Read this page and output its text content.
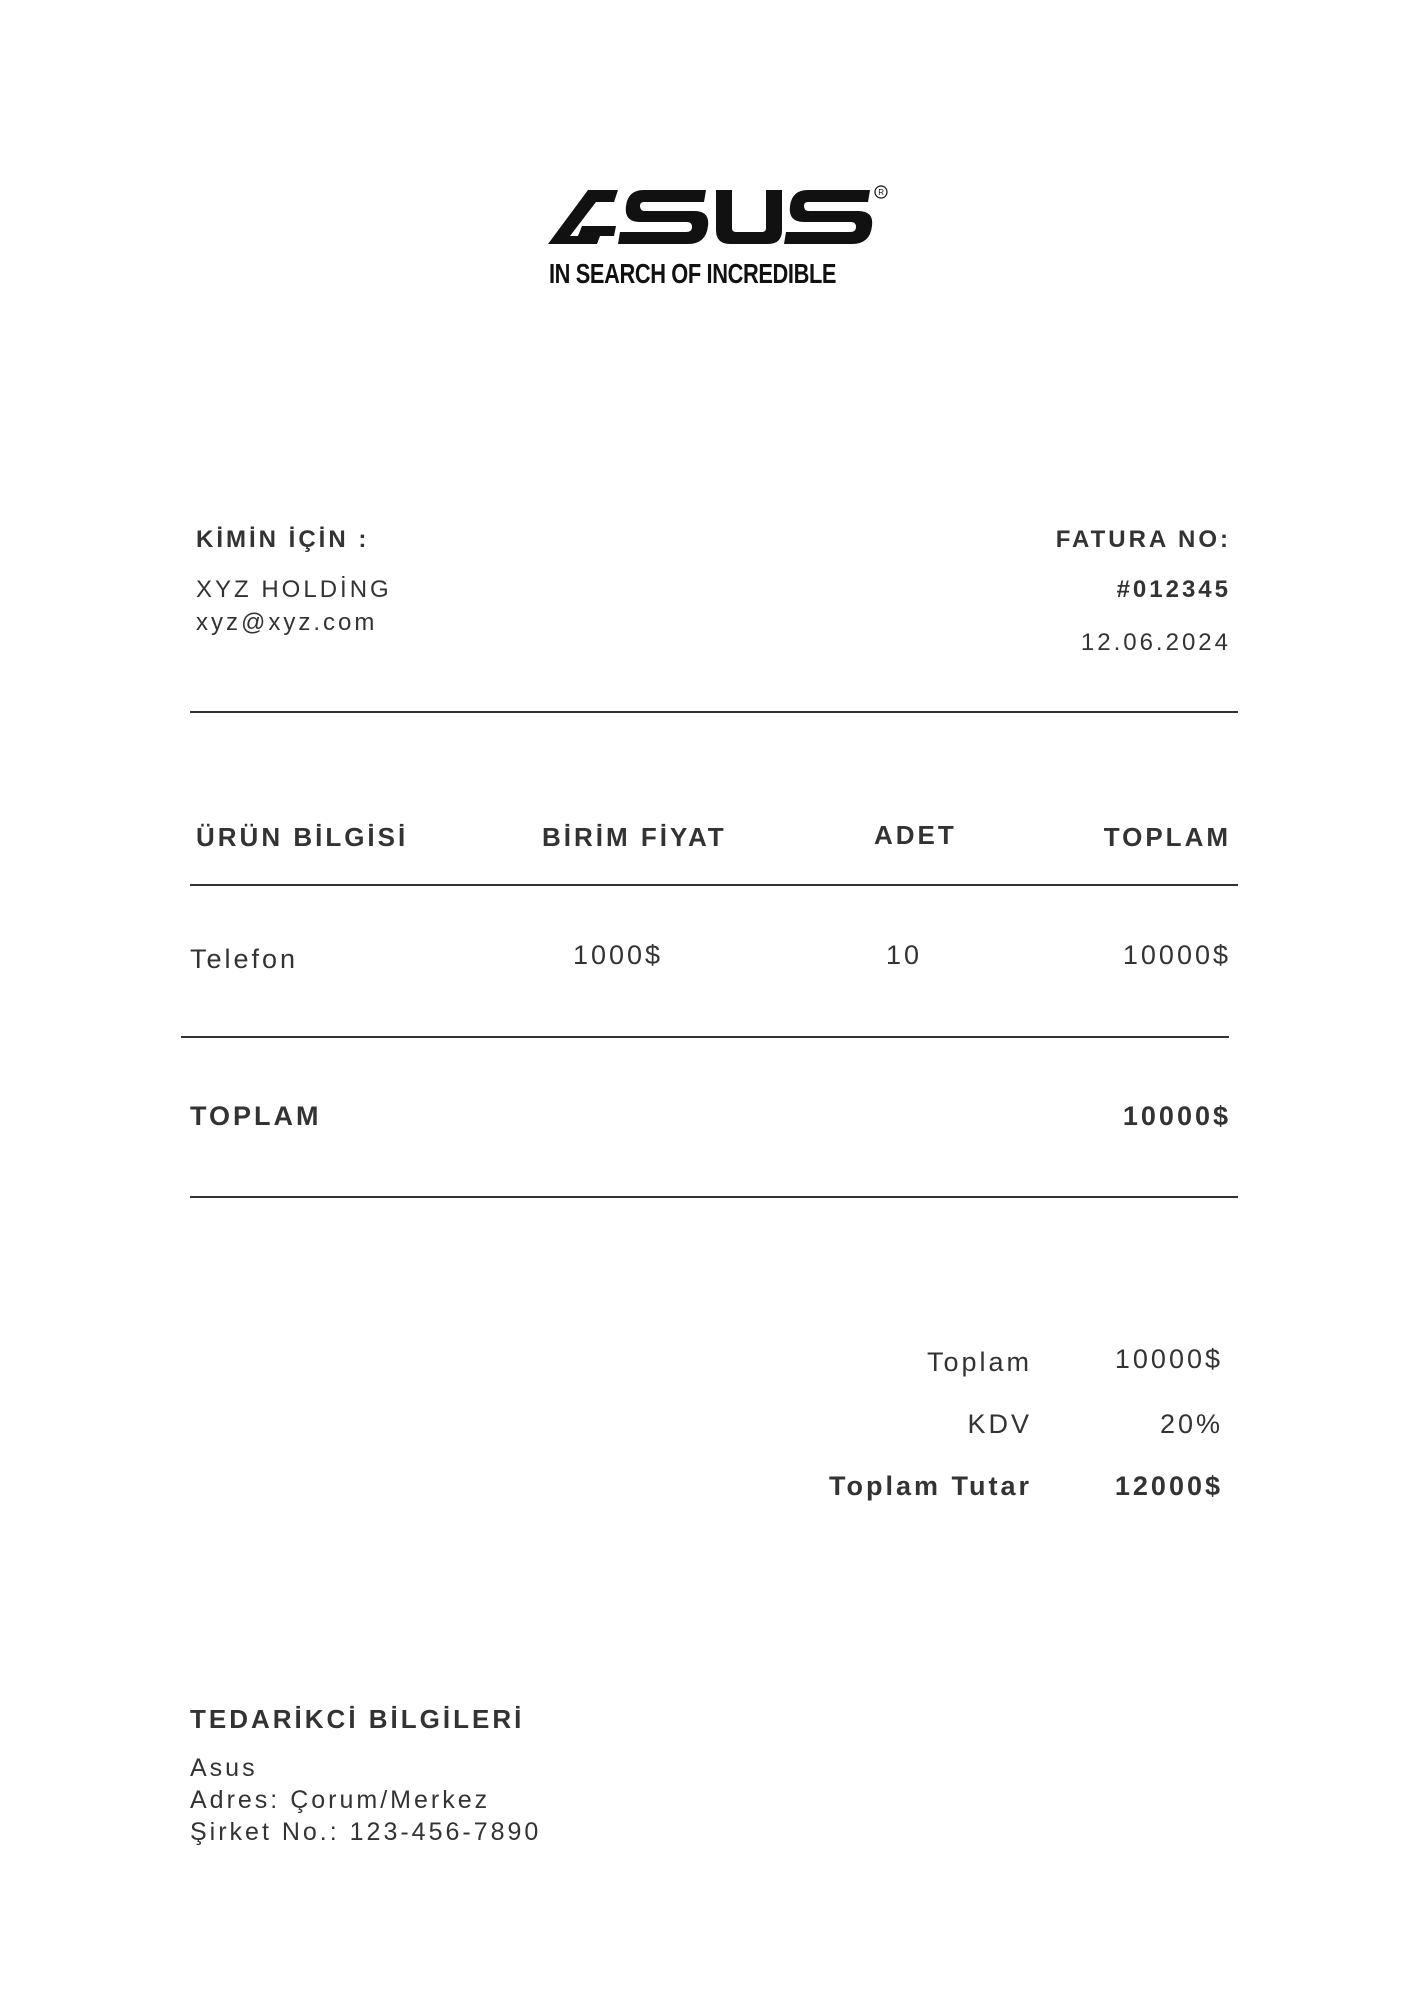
R
IN SEARCH OF INCREDIBLE
KİMİN İÇİN :
XYZ HOLDİNG
xyz@xyz.com
FATURA NO:
#012345
12.06.2024
ÜRÜN BİLGİSİ	BİRİM FİYAT	ADET	TOPLAM
Telefon	1000$	10	10000$
TOPLAM	10000$
Toplam	10000$
KDV	20%
Toplam Tutar	12000$
TEDARİKCİ BİLGİLERİ
Asus
Adres: Çorum/Merkez
Şirket No.: 123-456-7890
